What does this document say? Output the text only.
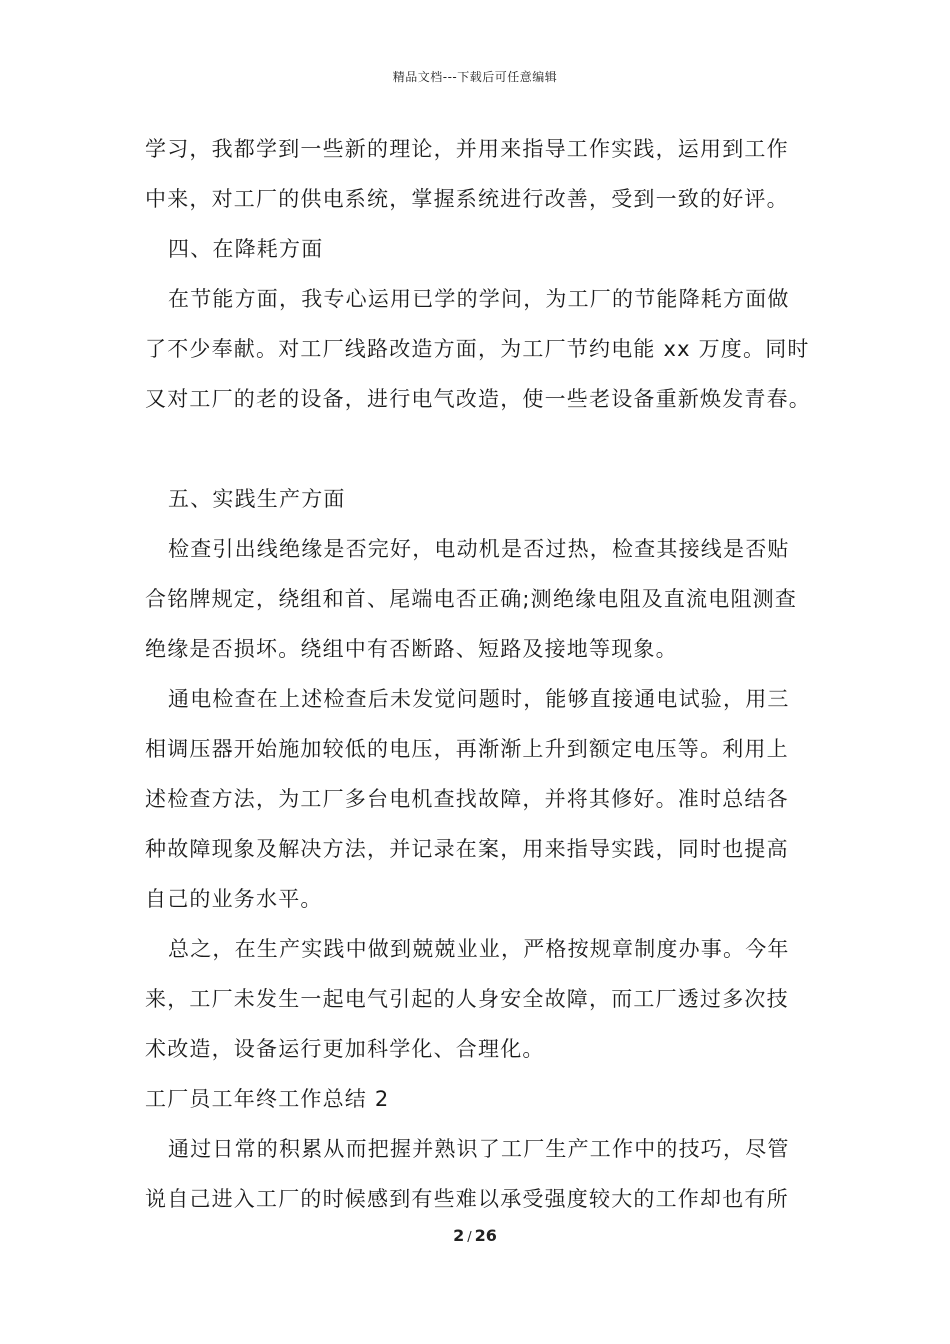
精品文档---下载后可任意编辑
学习，我都学到一些新的理论，并用来指导工作实践，运用到工作
中来，对工厂的供电系统，掌握系统进行改善，受到一致的好评。
四、在降耗方面
在节能方面，我专心运用已学的学问，为工厂的节能降耗方面做
了不少奉献。对工厂线路改造方面，为工厂节约电能 xx 万度。同时
又对工厂的老的设备，进行电气改造，使一些老设备重新焕发青春。
五、实践生产方面
检查引出线绝缘是否完好，电动机是否过热，检查其接线是否贴
合铭牌规定，绕组和首、尾端电否正确;测绝缘电阻及直流电阻测查
绝缘是否损坏。绕组中有否断路、短路及接地等现象。
通电检查在上述检查后未发觉问题时，能够直接通电试验，用三
相调压器开始施加较低的电压，再渐渐上升到额定电压等。利用上
述检查方法，为工厂多台电机查找故障，并将其修好。准时总结各
种故障现象及解决方法，并记录在案，用来指导实践，同时也提高
自己的业务水平。
总之，在生产实践中做到兢兢业业，严格按规章制度办事。今年
来，工厂未发生一起电气引起的人身安全故障，而工厂透过多次技
术改造，设备运行更加科学化、合理化。
工厂员工年终工作总结 2
通过日常的积累从而把握并熟识了工厂生产工作中的技巧，尽管
说自己进入工厂的时候感到有些难以承受强度较大的工作却也有所
2 / 26
